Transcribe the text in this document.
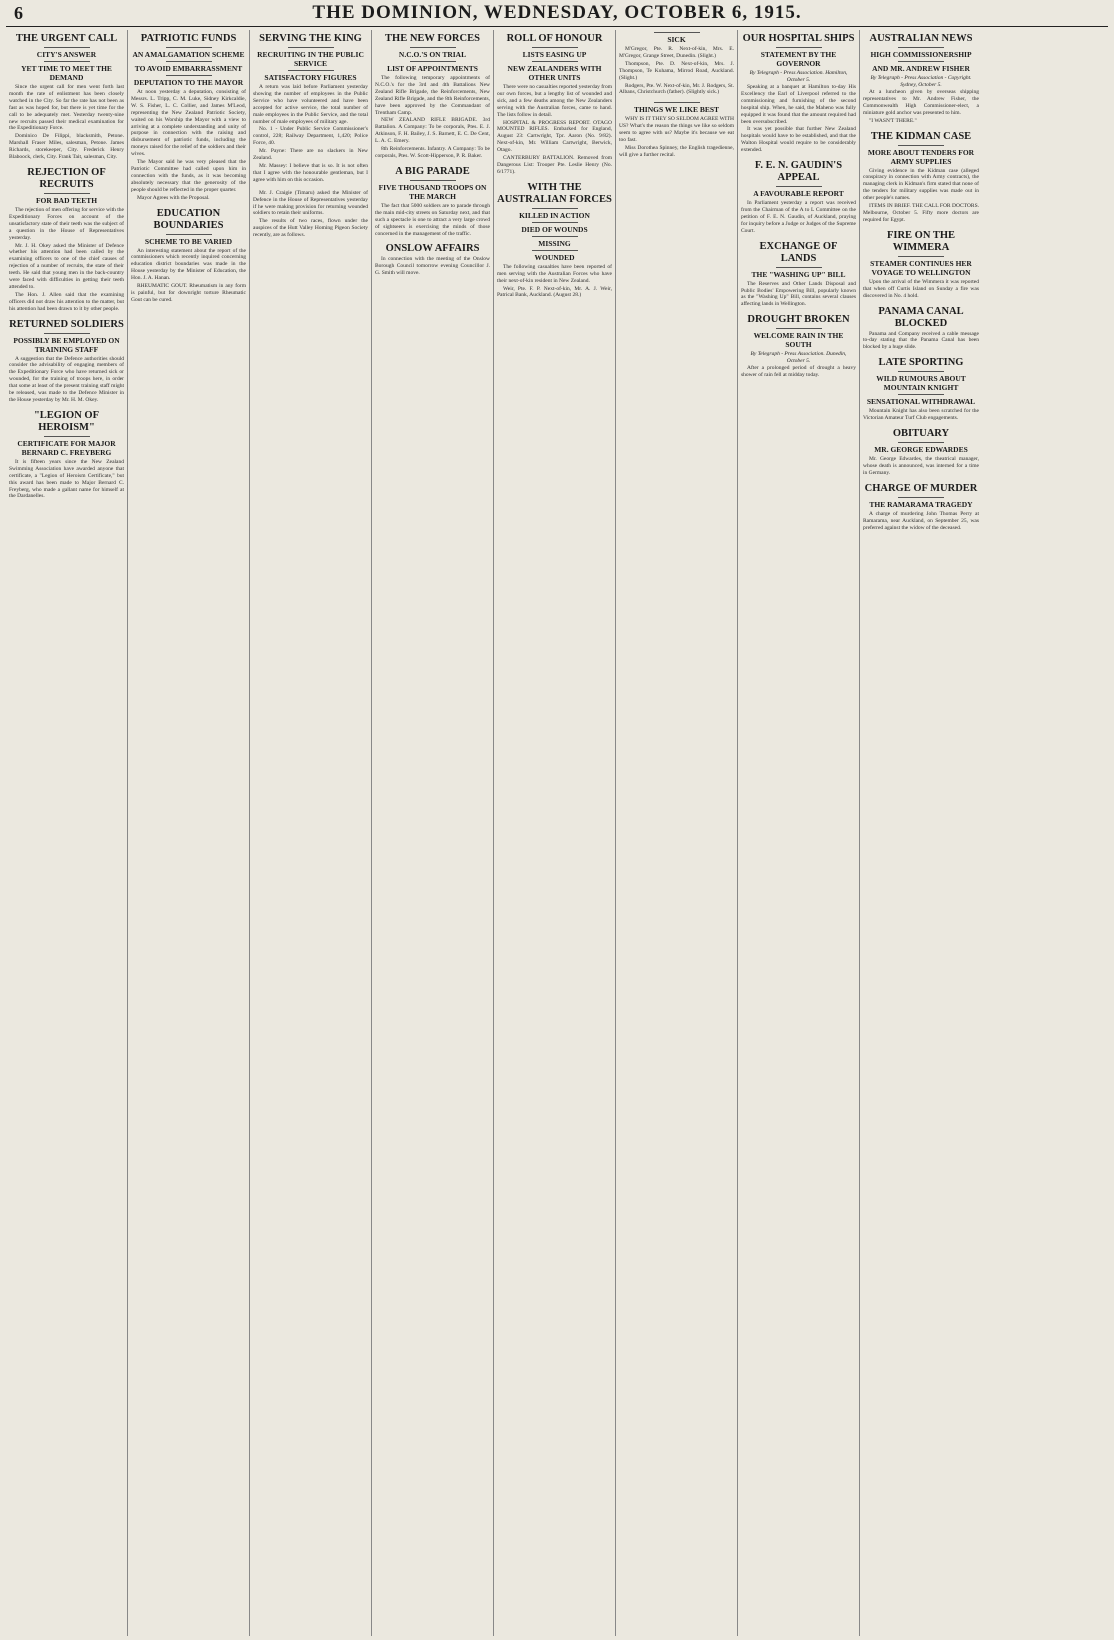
6	THE DOMINION, WEDNESDAY, OCTOBER 6, 1915.
THE URGENT CALL
CITY'S ANSWER
YET TIME TO MEET THE DEMAND

Since the urgent call for men went forth last month the rate of enlistment has been closely watched in the City. So far the rate has not been as fast as was hoped for, but there is yet time for the call to be adequately met. Yesterday twenty-nine new recruits passed their medical examination for the Expeditionary Force.

Dominico De Filippi, blacksmith, Petone. Marshall Fraser Miles, salesman, Petone. James Richards, storekeeper, City. Frederick Henry Blaboock, clerk, City. Frank Tait, salesman, City.

REJECTION OF RECRUITS
FOR BAD TEETH

The rejection of men offering for service with the Expeditionary Forces on account of the unsatisfactory state of their teeth was the subject of a question in the House of Representatives yesterday.

Mr. J. H. Okey asked the Minister of Defence whether his attention had been called by the examining officers to one of the chief causes of rejection of a number of recruits, the state of their teeth. He said that young men in the back-country were faced with difficulties in getting their teeth attended to.

The Hon. J. Allen said that the examining officers did not draw his attention to the matter, but his attention had been drawn to it by other people.

RETURNED SOLDIERS
POSSIBLY BE EMPLOYED ON TRAINING STAFF

A suggestion that the Defence authorities should consider the advisability of engaging members of the Expeditionary Force who have returned sick or wounded, for the training of troops here, in order that some at least of the present training staff might be released, was made to the Defence Minister in the House yesterday by Mr. H. M. Okey.

"LEGION OF HEROISM"
CERTIFICATE FOR MAJOR BERNARD C. FREYBERG

It is fifteen years since the New Zealand Swimming Association have awarded anyone that certificate, a "Legion of Heroism Certificate," but this award has been made to Major Bernard C. Freyberg, who made a gallant name for himself at the Dardanelles.

PATRIOTIC FUNDS
AN AMALGAMATION SCHEME
TO AVOID EMBARRASSMENT
DEPUTATION TO THE MAYOR

At noon yesterday a deputation, consisting of Messrs. L. Tripp, C. M. Luke, Sidney Kirkcaldie, W. S. Fisher, L. C. Collier, and James M'Leod, representing the New Zealand Patriotic Society, waited on his Worship the Mayor with a view to arriving at a complete understanding and unity of purpose in connection with the raising and disbursement of patriotic funds, including the moneys raised for the relief of the soldiers and their wives.

The Mayor said he was very pleased that the Patriotic Committee had called upon him in connection with the funds, as it was becoming absolutely necessary that the generosity of the people should be reflected in the proper quarter.

Mayor Agrees with the Proposal.

EDUCATION BOUNDARIES
SCHEME TO BE VARIED

An interesting statement about the report of the commissioners which recently inquired concerning education district boundaries was made in the House yesterday by the Minister of Education, the Hon. J. A. Hanan.

RHEUMATIC GOUT. Rheumatism in any form is painful, but for downright torture Rheumatic Gout can be cured.

SERVING THE KING
RECRUITING IN THE PUBLIC SERVICE
SATISFACTORY FIGURES

A return was laid before Parliament yesterday showing the number of employees in the Public Service who have volunteered and have been accepted for active service, the total number of male employees in the Public Service, and the total number of male employees of military age.

No. 1 - Under Public Service Commissioner's control, 228; Railway Department, 1,420; Police Force, 40.

Mr. Payne: There are no slackers in New Zealand.

Mr. Massey: I believe that is so. It is not often that I agree with the honourable gentleman, but I agree with him on this occasion.

Mr. J. Craigie (Timaru) asked the Minister of Defence in the House of Representatives yesterday if he were making provision for returning wounded soldiers to retain their uniforms.

The results of two races, flown under the auspices of the Hutt Valley Homing Pigeon Society recently, are as follows.

THE NEW FORCES
N.C.O.'S ON TRIAL
LIST OF APPOINTMENTS

The following temporary appointments of N.C.O.'s for the 3rd and 4th Battalions New Zealand Rifle Brigade, the Reinforcements, New Zealand Rifle Brigade, and the 8th Reinforcements, have been approved by the Commandant of Trentham Camp.

NEW ZEALAND RIFLE BRIGADE. 3rd Battalion. A Company: To be corporals, Ptes. E. J. Atkinson, F. H. Bailey, J. S. Barnett, E. C. De Cent, L. A. C. Emery.

8th Reinforcements. Infantry. A Company: To be corporals, Ptes. W. Scott-Hipperson, P. R. Baker.

A BIG PARADE
FIVE THOUSAND TROOPS ON THE MARCH

The fact that 5000 soldiers are to parade through the main mid-city streets on Saturday next, and that such a spectacle is one to attract a very large crowd of sightseers is exercising the minds of those concerned in the management of the traffic.

ONSLOW AFFAIRS

In connection with the meeting of the Onslow Borough Council tomorrow evening Councillor J. G. Smith will move.

ROLL OF HONOUR
LISTS EASING UP
NEW ZEALANDERS WITH OTHER UNITS

There were no casualties reported yesterday from our own forces, but a lengthy list of wounded and sick, and a few deaths among the New Zealanders serving with the Australian forces, came to hand. The lists follow in detail.

HOSPITAL & PROGRESS REPORT. OTAGO MOUNTED RIFLES. Embarked for England, August 23: Cartwright, Tpr. Aaron (No. 9/82). Next-of-kin, Mr. William Cartwright, Berwick, Otago.

CANTERBURY BATTALION. Removed from Dangerous List: Trooper Pte. Leslie Henry (No. 6/1771).

WITH THE AUSTRALIAN FORCES
KILLED IN ACTION
DIED OF WOUNDS
MISSING
WOUNDED

The following casualties have been reported of men serving with the Australian Forces who have their next-of-kin resident in New Zealand.

Weir, Pte. F. P. Next-of-kin, Mr. A. J. Weir, Patrical Bank, Auckland. (August 28.)

SICK

M'Gregor, Pte. R. Next-of-kin, Mrs. E. M'Gregor, Grange Street, Dunedin. (Slight.)

Thompson, Pte. D. Next-of-kin, Mrs. J. Thompson, Te Kuhama, Mirrod Road, Auckland. (Slight.)

Rodgers, Pte. W. Next-of-kin, Mr. J. Rodgers, St. Albans, Christchurch (father). (Slightly sick.)

THINGS WE LIKE BEST

WHY IS IT THEY SO SELDOM AGREE WITH US? What's the reason the things we like so seldom seem to agree with us? Maybe it's because we eat too fast.

Miss Dorothea Spinney, the English tragedienne, will give a further recital.

OUR HOSPITAL SHIPS
STATEMENT BY THE GOVERNOR
By Telegraph - Press Association. Hamilton, October 5.

Speaking at a banquet at Hamilton to-day His Excellency the Earl of Liverpool referred to the commissioning and furnishing of the second hospital ship. When, he said, the Maheno was fully equipped it was found that the amount required had been oversubscribed.

It was yet possible that further New Zealand hospitals would have to be established, and that the Walton Hospital would require to be considerably extended.

F. E. N. GAUDIN'S APPEAL
A FAVOURABLE REPORT

In Parliament yesterday a report was received from the Chairman of the A to L Committee on the petition of F. E. N. Gaudin, of Auckland, praying for inquiry before a Judge or Judges of the Supreme Court.

EXCHANGE OF LANDS
THE "WASHING UP" BILL

The Reserves and Other Lands Disposal and Public Bodies' Empowering Bill, popularly known as the "Washing Up" Bill, contains several clauses affecting lands in Wellington.

DROUGHT BROKEN
WELCOME RAIN IN THE SOUTH
By Telegraph - Press Association. Dunedin, October 5.

After a prolonged period of drought a heavy shower of rain fell at midday today.

AUSTRALIAN NEWS
HIGH COMMISSIONERSHIP
AND MR. ANDREW FISHER
By Telegraph - Press Association - Copyright. Sydney, October 5.

At a luncheon given by overseas shipping representatives to Mr. Andrew Fisher, the Commonwealth High Commissioner-elect, a miniature gold anchor was presented to him.

"I WASN'T THERE."

THE KIDMAN CASE
MORE ABOUT TENDERS FOR ARMY SUPPLIES

Giving evidence in the Kidman case (alleged conspiracy in connection with Army contracts), the managing clerk in Kidman's firm stated that none of the tenders for military supplies was made out in other people's names.

ITEMS IN BRIEF. THE CALL FOR DOCTORS. Melbourne, October 5. Fifty more doctors are required for Egypt.

FIRE ON THE WIMMERA
STEAMER CONTINUES HER VOYAGE TO WELLINGTON

Upon the arrival of the Wimmera it was reported that when off Curtis Island on Sunday a fire was discovered in No. 4 hold.

PANAMA CANAL BLOCKED

Panama and Company received a cable message to-day stating that the Panama Canal has been blocked by a huge slide.

LATE SPORTING
WILD RUMOURS ABOUT MOUNTAIN KNIGHT
SENSATIONAL WITHDRAWAL

Mountain Knight has also been scratched for the Victorian Amateur Turf Club engagements.

OBITUARY
MR. GEORGE EDWARDES

Mr. George Edwardes, the theatrical manager, whose death is announced, was interned for a time in Germany.

CHARGE OF MURDER
THE RAMARAMA TRAGEDY

A charge of murdering John Thomas Perry at Ramarama, near Auckland, on September 25, was preferred against the widow of the deceased.
